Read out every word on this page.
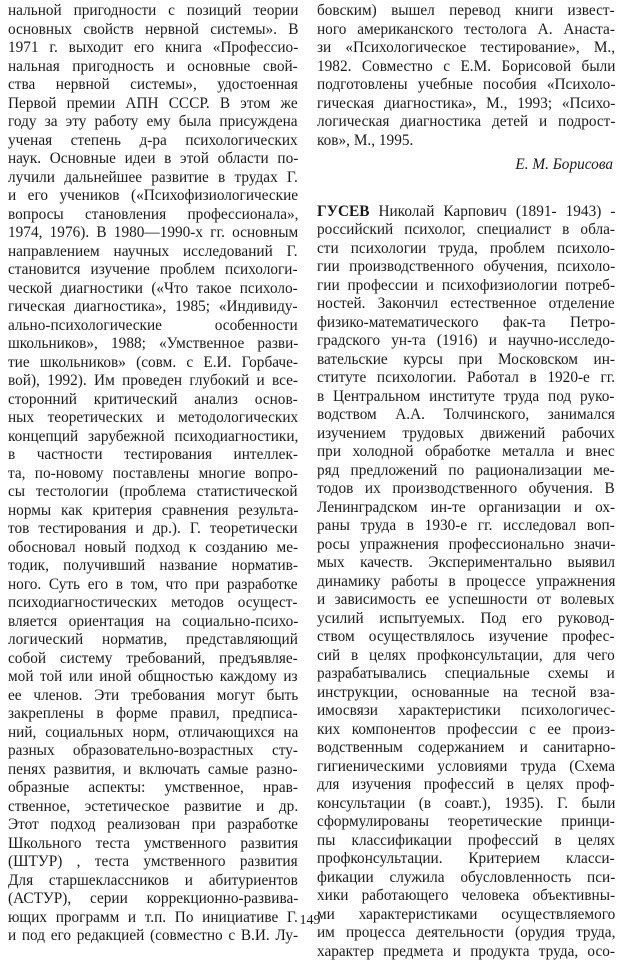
нальной пригодности с позиций теории
основных свойств нервной системы». В
1971 г. выходит его книга «Профессио-
нальная пригодность и основные свой-
ства нервной системы», удостоенная
Первой премии АПН СССР. В этом же
году за эту работу ему была присуждена
ученая степень д-ра психологических
наук. Основные идеи в этой области по-
лучили дальнейшее развитие в трудах Г.
и его учеников («Психофизиологические
вопросы становления профессионала»,
1974, 1976). В 1980—1990-х гг. основным
направлением научных исследований Г.
становится изучение проблем психологи-
ческой диагностики («Что такое психоло-
гическая диагностика», 1985; «Индивиду-
ально-психологические особенности
школьников», 1988; «Умственное разви-
тие школьников» (совм. с Е.И. Горбаче-
вой), 1992). Им проведен глубокий и все-
сторонний критический анализ основ-
ных теоретических и методологических
концепций зарубежной психодиагностики,
в частности тестирования интеллек-
та, по-новому поставлены многие вопро-
сы тестологии (проблема статистической
нормы как критерия сравнения результа-
тов тестирования и др.). Г. теоретически
обосновал новый подход к созданию ме-
тодик, получивший название норматив-
ного. Суть его в том, что при разработке
психодиагностических методов осущест-
вляется ориентация на социально-психо-
логический норматив, представляющий
собой систему требований, предъявляе-
мой той или иной общностью каждому из
ее членов. Эти требования могут быть
закреплены в форме правил, предписа-
ний, социальных норм, отличающихся на
разных образовательно-возрастных сту-
пенях развития, и включать самые разно-
образные аспекты: умственное, нрав-
ственное, эстетическое развитие и др.
Этот подход реализован при разработке
Школьного теста умственного развития
(ШТУР) , теста умственного развития
Для старшеклассников и абитуриентов
(АСТУР), серии коррекционно-развива-
ющих программ и т.п. По инициативе Г.
и под его редакцией (совместно с В.И. Лу-
бовским) вышел перевод книги извест-
ного американского тестолога А. Анаста-
зи «Психологическое тестирование», М.,
1982. Совместно с Е.М. Борисовой были
подготовлены учебные пособия «Психоло-
гическая диагностика», М., 1993; «Психо-
логическая диагностика детей и подрост-
ков», М., 1995.
Е. М. Борисова
ГУСЕВ Николай Карпович (1891- 1943) -
российский психолог, специалист в обла-
сти психологии труда, проблем психоло-
гии производственного обучения, психоло-
гии профессии и психофизиологии потреб-
ностей. Закончил естественное отделение
физико-математического фак-та Петро-
градского ун-та (1916) и научно-исследо-
вательские курсы при Московском ин-
ституте психологии. Работал в 1920-е гг.
в Центральном институте труда под руко-
водством А.А. Толчинского, занимался
изучением трудовых движений рабочих
при холодной обработке металла и внес
ряд предложений по рационализации ме-
тодов их производственного обучения. В
Ленинградском ин-те организации и ох-
раны труда в 1930-е гг. исследовал воп-
росы упражнения профессионально значи-
мых качеств. Экспериментально выявил
динамику работы в процессе упражнения
и зависимость ее успешности от волевых
усилий испытуемых. Под его руковод-
ством осуществлялось изучение профес-
сий в целях профконсультации, для чего
разрабатывались специальные схемы и
инструкции, основанные на тесной вза-
имосвязи характеристики психологичес-
ких компонентов профессии с ее произ-
водственным содержанием и санитарно-
гигиеническими условиями труда (Схема
для изучения профессий в целях проф-
консультации (в соавт.), 1935). Г. были
сформулированы теоретические принци-
пы классификации профессий в целях
профконсультации. Критерием класси-
фикации служила обусловленность пси-
хики работающего человека объективны-
ми характеристиками осуществляемого
им процесса деятельности (орудия труда,
характер предмета и продукта труда, осо-
149
